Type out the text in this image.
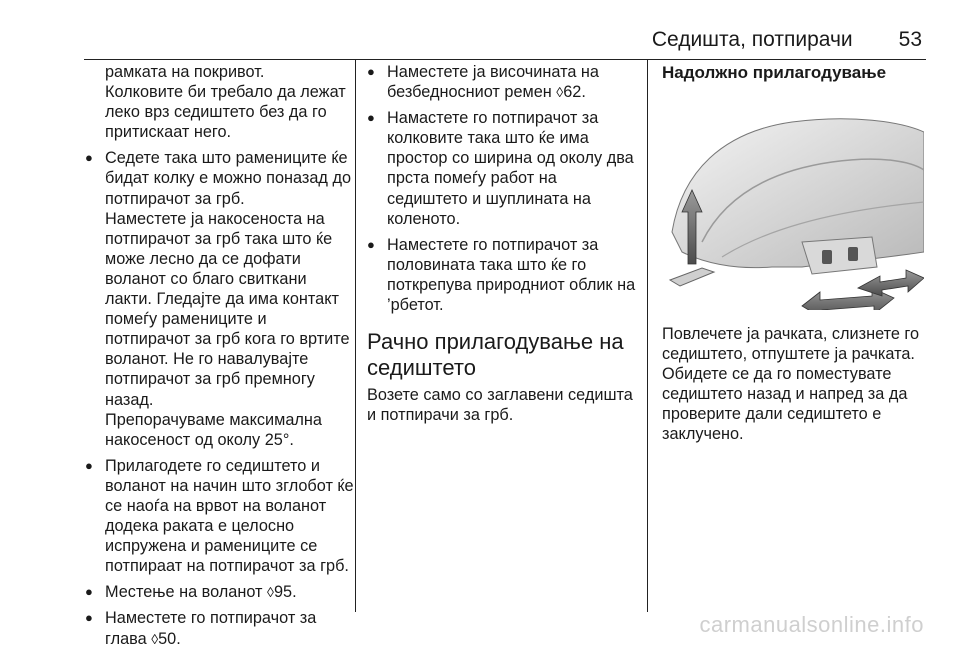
Седишта, потпирачи 53

рамката на покривот.
Колковите би требало да лежат леко врз седиштето без да го притискаат него.

● Седете така што рамениците ќе бидат колку е можно поназад до потпирачот за грб.
Наместете ја накосеноста на потпирачот за грб така што ќе може лесно да се дофати воланот со благо свиткани лакти. Гледајте да има контакт помеѓу рамениците и потпирачот за грб кога го вртите воланот. Не го навалувајте потпирачот за грб премногу назад.
Препорачуваме максимална накосеност од околу 25°.
● Прилагодете го седиштето и воланот на начин што зглобот ќе се наоѓа на врвот на воланот додека раката е целосно испружена и рамениците се потпираат на потпирачот за грб.
● Местење на воланот ◊95.
● Наместете го потпирачот за глава ◊50.
● Наместете ја височината на безбедносниот ремен ◊62.
● Намастете го потпирачот за колковите така што ќе има простор со ширина од околу два прста помеѓу работ на седиштето и шуплината на коленото.
● Наместете го потпирачот за половината така што ќе го поткрепува природниот облик на ’рбетот.
Рачно прилагодување на седиштето

Возете само со заглавени седишта и потпирачи за грб.

Надолжно прилагодување

Повлечете ја рачката, слизнете го седиштето, отпуштете ја рачката. Обидете се да го поместувате седиштето назад и напред за да проверите дали седиштето е заклучено.

carmanualsonline.info
